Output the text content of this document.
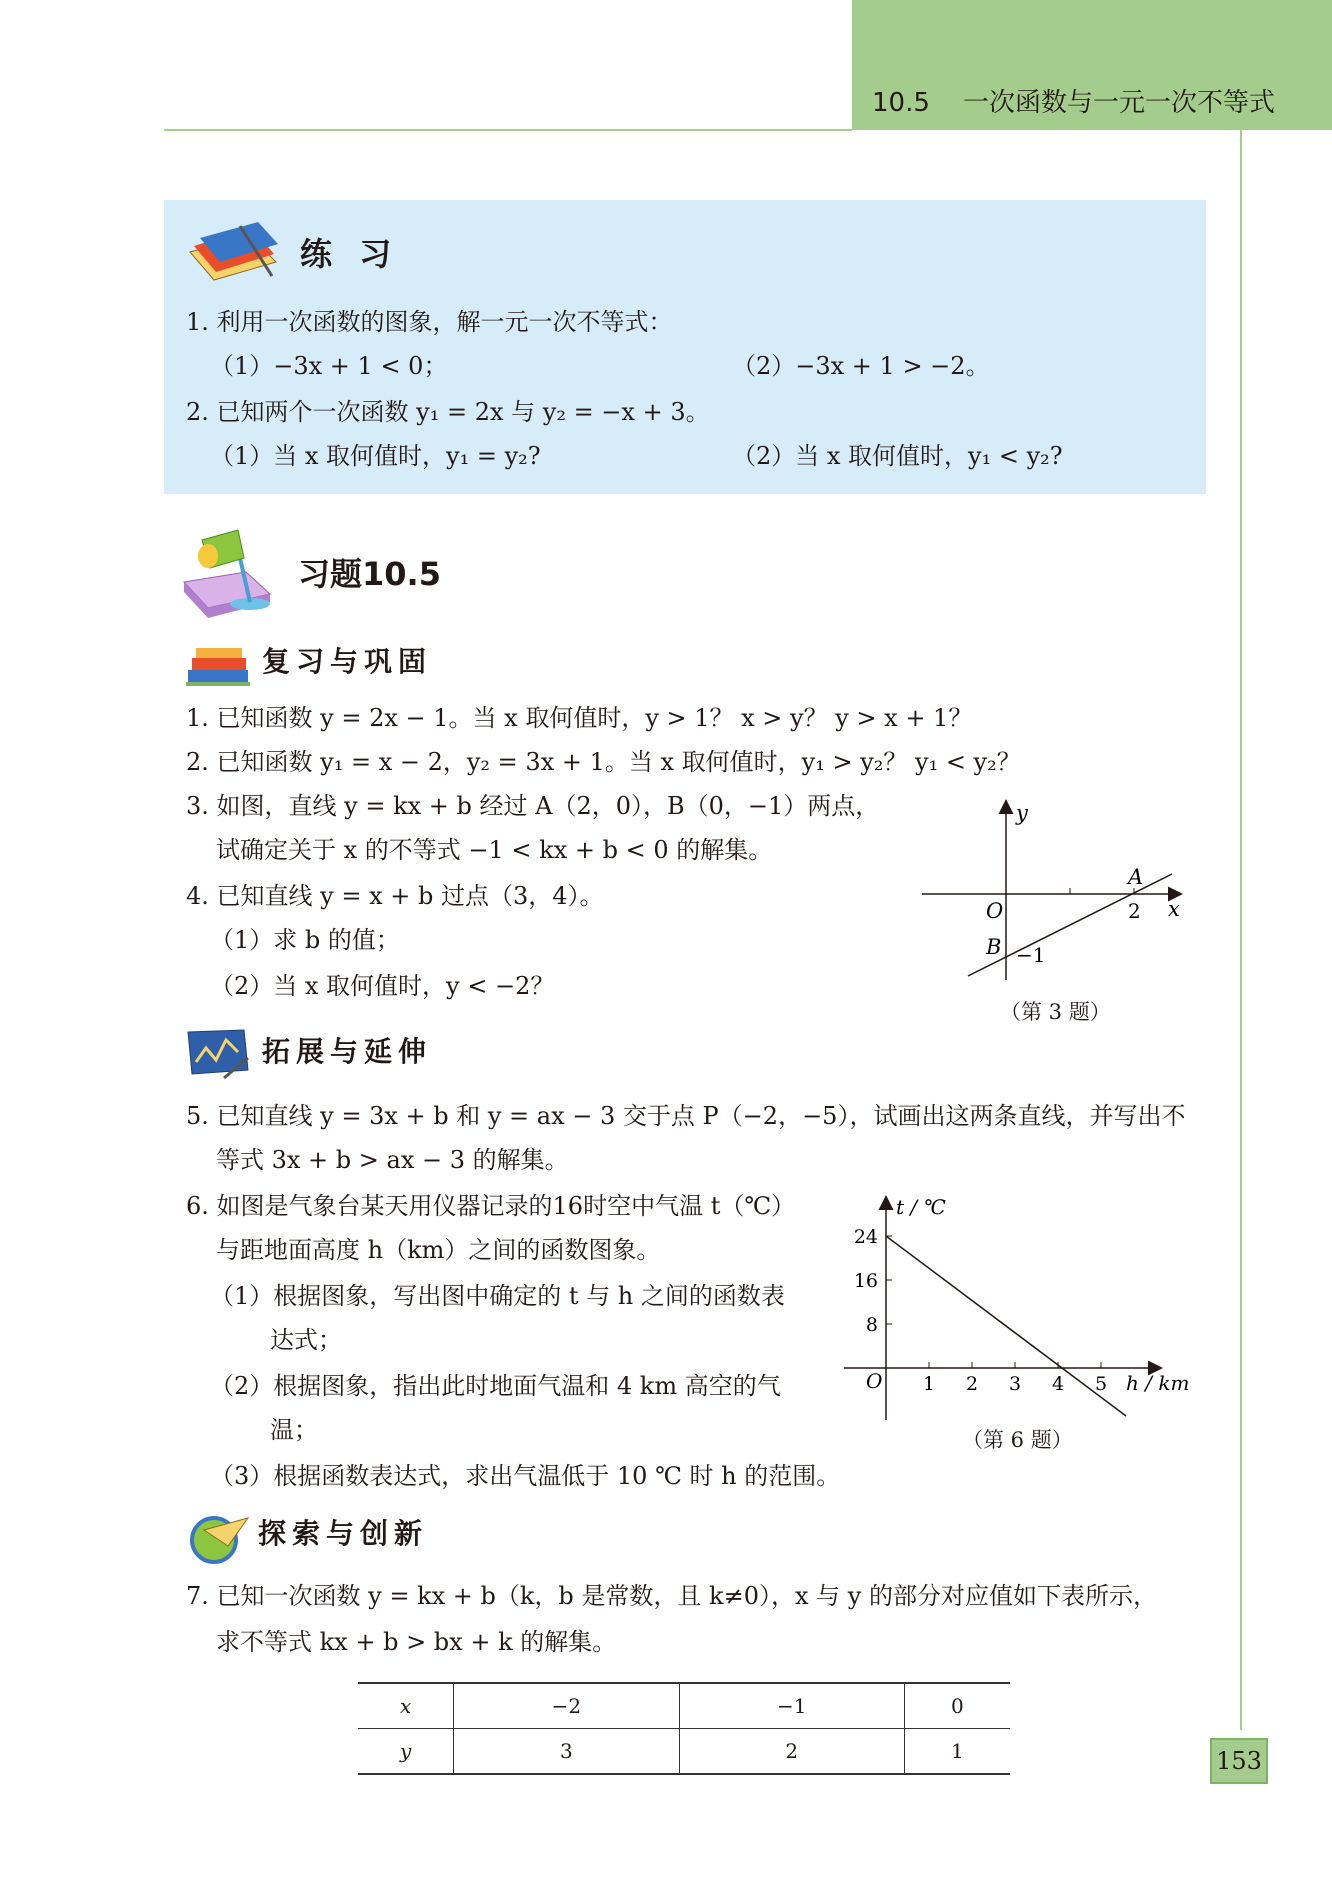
10.5 一次函数与一元一次不等式
练 习
1. 利用一次函数的图象，解一元一次不等式：
（1）−3x + 1 < 0；	（2）−3x + 1 > −2。
2. 已知两个一次函数 y₁ = 2x 与 y₂ = −x + 3。
（1）当 x 取何值时，y₁ = y₂?	（2）当 x 取何值时，y₁ < y₂?
习题10.5
复习与巩固
1. 已知函数 y = 2x − 1。当 x 取何值时，y > 1？ x > y？ y > x + 1？
2. 已知函数 y₁ = x − 2，y₂ = 3x + 1。当 x 取何值时，y₁ > y₂？ y₁ < y₂？
3. 如图，直线 y = kx + b 经过 A（2，0），B（0，−1）两点，
试确定关于 x 的不等式 −1 < kx + b < 0 的解集。
4. 已知直线 y = x + b 过点（3，4）。
（1）求 b 的值；
（2）当 x 取何值时，y < −2？
y
x
O
A
2
B −1
（第 3 题）
拓展与延伸
5. 已知直线 y = 3x + b 和 y = ax − 3 交于点 P（−2，−5），试画出这两条直线，并写出不
等式 3x + b > ax − 3 的解集。
6. 如图是气象台某天用仪器记录的16时空中气温 t（℃）
与距地面高度 h（km）之间的函数图象。
（1）根据图象，写出图中确定的 t 与 h 之间的函数表
达式；
（2）根据图象，指出此时地面气温和 4 km 高空的气
温；
（3）根据函数表达式，求出气温低于 10 ℃ 时 h 的范围。
1 2 3 4 5
24
16
8
t / ℃
h / km
O
（第 6 题）
探索与创新
7. 已知一次函数 y = kx + b（k，b 是常数，且 k≠0），x 与 y 的部分对应值如下表所示，
求不等式 kx + b > bx + k 的解集。
x	−2	−1	0
y	3	2	1	153
